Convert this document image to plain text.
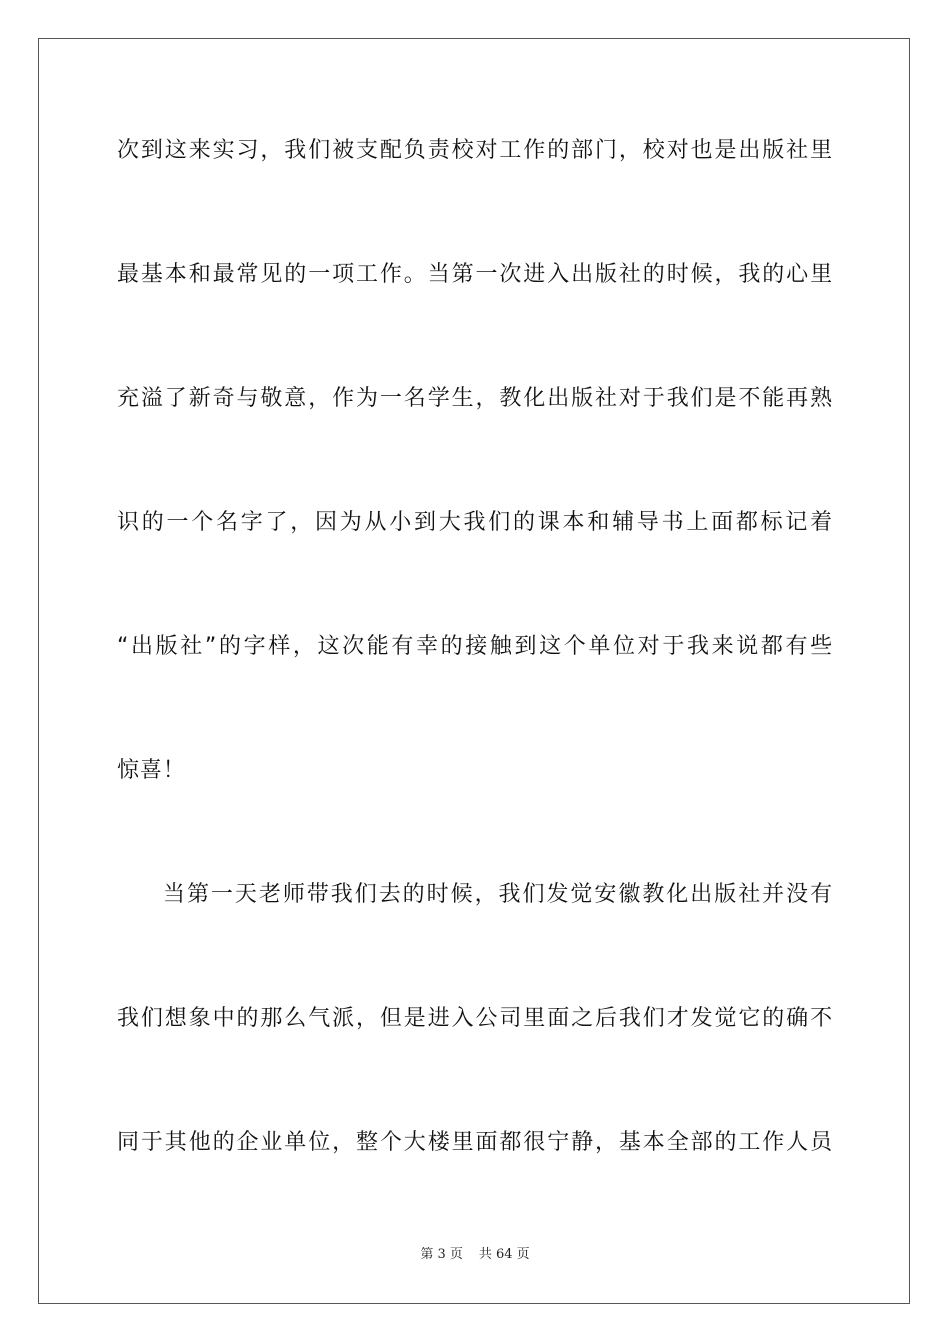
次到这来实习，我们被支配负责校对工作的部门，校对也是出版社里
最基本和最常见的一项工作。当第一次进入出版社的时候，我的心里
充溢了新奇与敬意，作为一名学生，教化出版社对于我们是不能再熟
识的一个名字了，因为从小到大我们的课本和辅导书上面都标记着
“出版社”的字样，这次能有幸的接触到这个单位对于我来说都有些
惊喜！
当第一天老师带我们去的时候，我们发觉安徽教化出版社并没有
我们想象中的那么气派，但是进入公司里面之后我们才发觉它的确不
同于其他的企业单位，整个大楼里面都很宁静，基本全部的工作人员
第 3 页 共 64 页
